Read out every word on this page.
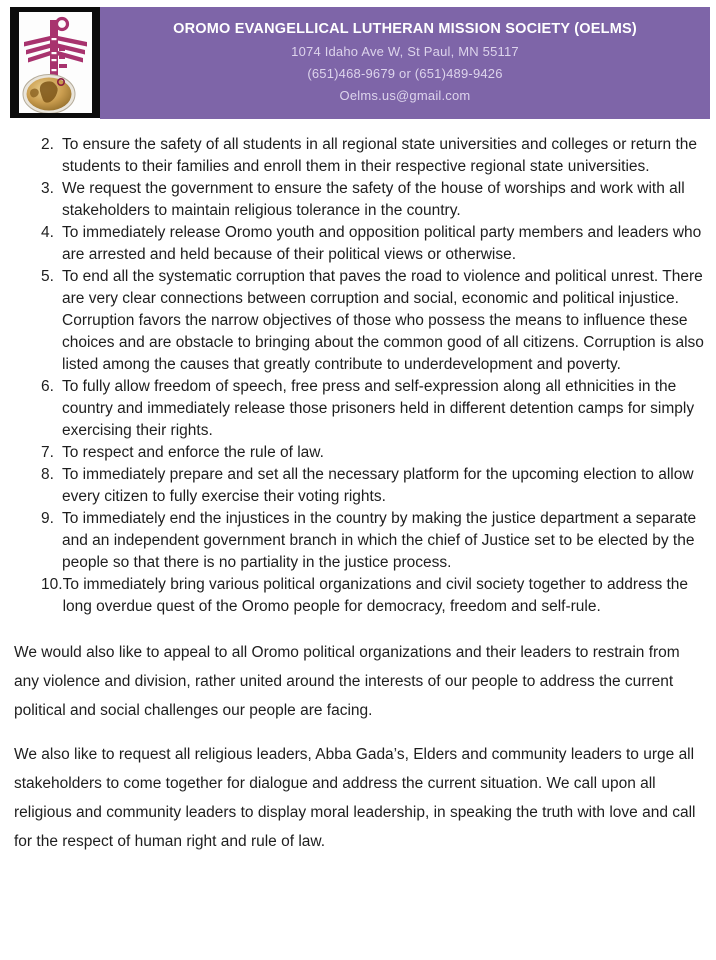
OROMO EVANGELLICAL LUTHERAN MISSION SOCIETY (OELMS)
1074 Idaho Ave W, St Paul, MN 55117
(651)468-9679 or (651)489-9426
Oelms.us@gmail.com
2. To ensure the safety of all students in all regional state universities and colleges or return the students to their families and enroll them in their respective regional state universities.
3. We request the government to ensure the safety of the house of worships and work with all stakeholders to maintain religious tolerance in the country.
4. To immediately release Oromo youth and opposition political party members and leaders who are arrested and held because of their political views or otherwise.
5. To end all the systematic corruption that paves the road to violence and political unrest. There are very clear connections between corruption and social, economic and political injustice. Corruption favors the narrow objectives of those who possess the means to influence these choices and are obstacle to bringing about the common good of all citizens. Corruption is also listed among the causes that greatly contribute to underdevelopment and poverty.
6. To fully allow freedom of speech, free press and self-expression along all ethnicities in the country and immediately release those prisoners held in different detention camps for simply exercising their rights.
7. To respect and enforce the rule of law.
8. To immediately prepare and set all the necessary platform for the upcoming election to allow every citizen to fully exercise their voting rights.
9. To immediately end the injustices in the country by making the justice department a separate and an independent government branch in which the chief of Justice set to be elected by the people so that there is no partiality in the justice process.
10. To immediately bring various political organizations and civil society together to address the long overdue quest of the Oromo people for democracy, freedom and self-rule.

We would also like to appeal to all Oromo political organizations and their leaders to restrain from any violence and division, rather united around the interests of our people to address the current political and social challenges our people are facing.

We also like to request all religious leaders, Abba Gada’s, Elders and community leaders to urge all stakeholders to come together for dialogue and address the current situation. We call upon all religious and community leaders to display moral leadership, in speaking the truth with love and call for the respect of human right and rule of law.
